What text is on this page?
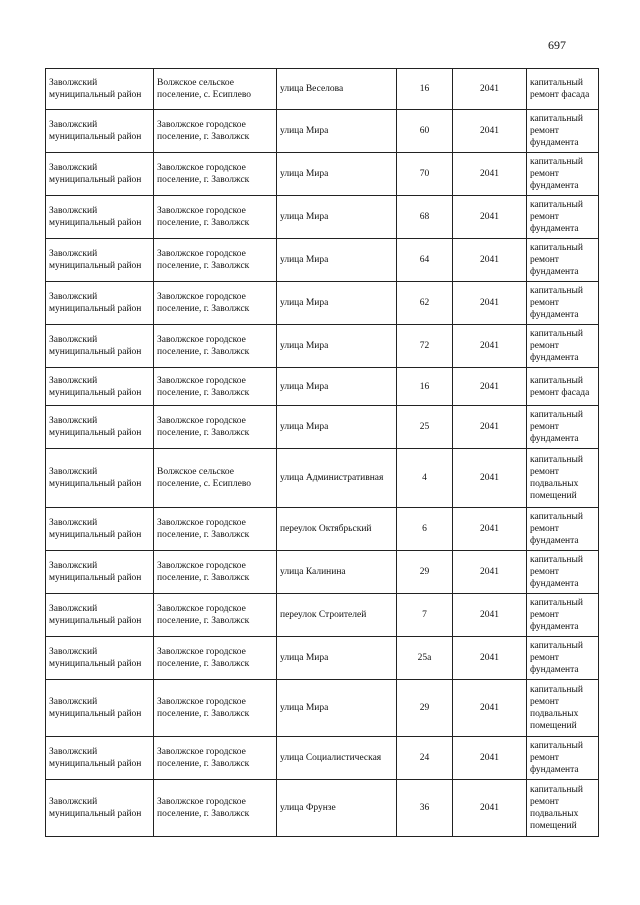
697
Заволжский муниципальный район	Волжское сельское поселение, с. Есиплево	улица Веселова	16	2041	капитальный ремонт фасада
Заволжский муниципальный район	Заволжское городское поселение, г. Заволжск	улица Мира	60	2041	капитальный ремонт фундамента
Заволжский муниципальный район	Заволжское городское поселение, г. Заволжск	улица Мира	70	2041	капитальный ремонт фундамента
Заволжский муниципальный район	Заволжское городское поселение, г. Заволжск	улица Мира	68	2041	капитальный ремонт фундамента
Заволжский муниципальный район	Заволжское городское поселение, г. Заволжск	улица Мира	64	2041	капитальный ремонт фундамента
Заволжский муниципальный район	Заволжское городское поселение, г. Заволжск	улица Мира	62	2041	капитальный ремонт фундамента
Заволжский муниципальный район	Заволжское городское поселение, г. Заволжск	улица Мира	72	2041	капитальный ремонт фундамента
Заволжский муниципальный район	Заволжское городское поселение, г. Заволжск	улица Мира	16	2041	капитальный ремонт фасада
Заволжский муниципальный район	Заволжское городское поселение, г. Заволжск	улица Мира	25	2041	капитальный ремонт фундамента
Заволжский муниципальный район	Волжское сельское поселение, с. Есиплево	улица Административная	4	2041	капитальный ремонт подвальных помещений
Заволжский муниципальный район	Заволжское городское поселение, г. Заволжск	переулок Октябрьский	6	2041	капитальный ремонт фундамента
Заволжский муниципальный район	Заволжское городское поселение, г. Заволжск	улица Калинина	29	2041	капитальный ремонт фундамента
Заволжский муниципальный район	Заволжское городское поселение, г. Заволжск	переулок Строителей	7	2041	капитальный ремонт фундамента
Заволжский муниципальный район	Заволжское городское поселение, г. Заволжск	улица Мира	25а	2041	капитальный ремонт фундамента
Заволжский муниципальный район	Заволжское городское поселение, г. Заволжск	улица Мира	29	2041	капитальный ремонт подвальных помещений
Заволжский муниципальный район	Заволжское городское поселение, г. Заволжск	улица Социалистическая	24	2041	капитальный ремонт фундамента
Заволжский муниципальный район	Заволжское городское поселение, г. Заволжск	улица Фрунзе	36	2041	капитальный ремонт подвальных помещений
